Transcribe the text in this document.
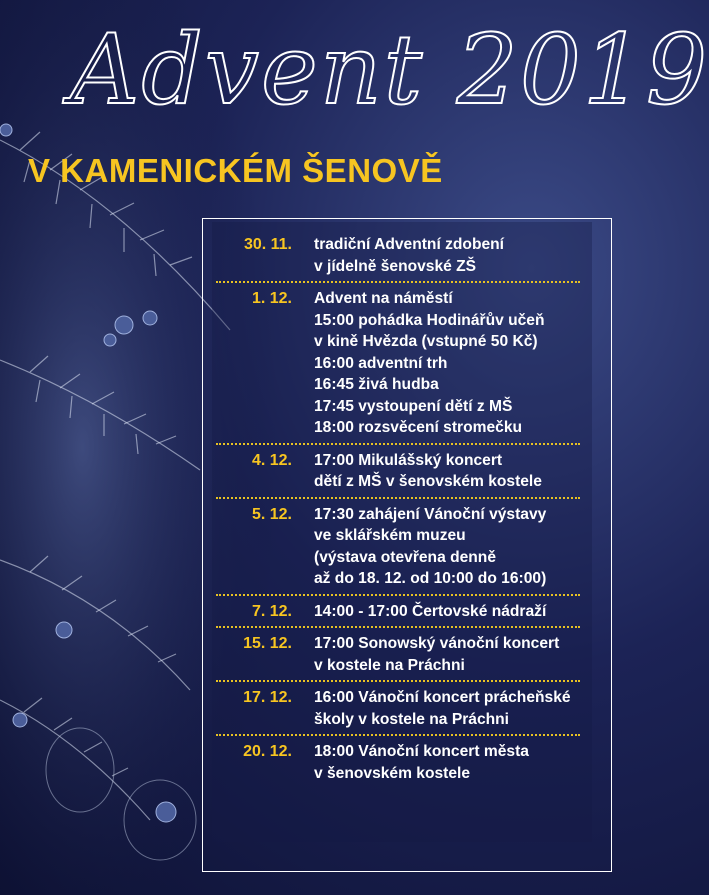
Advent 2019
V KAMENICKÉM ŠENOVĚ
30. 11.	tradiční Adventní zdobení
v jídelně šenovské ZŠ
1. 12.	Advent na náměstí
15:00 pohádka Hodinářův učeň
v kině Hvězda (vstupné 50 Kč)
16:00 adventní trh
16:45 živá hudba
17:45 vystoupení dětí z MŠ
18:00 rozsvěcení stromečku
4. 12.	17:00 Mikulášský koncert
dětí z MŠ v šenovském kostele
5. 12.	17:30 zahájení Vánoční výstavy
ve sklářském muzeu
(výstava otevřena denně
až do 18. 12. od 10:00 do 16:00)
7. 12.	14:00 - 17:00 Čertovské nádraží
15. 12.	17:00 Sonowský vánoční koncert
v kostele na Práchni
17. 12.	16:00 Vánoční koncert prácheňské
školy v kostele na Práchni
20. 12.	18:00 Vánoční koncert města
v šenovském kostele
